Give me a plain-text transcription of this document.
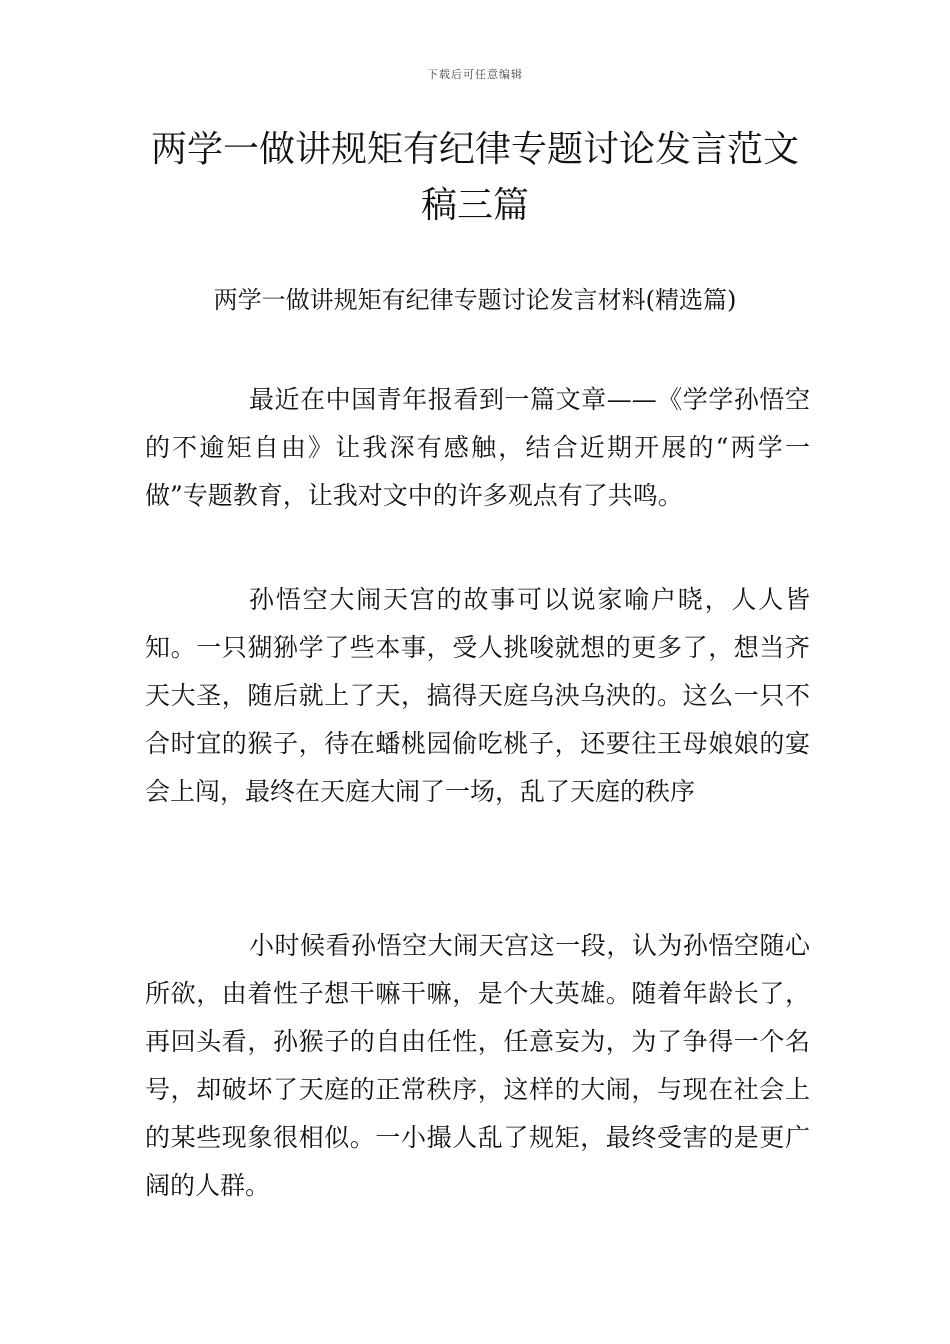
下载后可任意编辑
两学一做讲规矩有纪律专题讨论发言范文稿三篇
两学一做讲规矩有纪律专题讨论发言材料(精选篇)

最近在中国青年报看到一篇文章——《学学孙悟空的不逾矩自由》让我深有感触，结合近期开展的“两学一做”专题教育，让我对文中的许多观点有了共鸣。

孙悟空大闹天宫的故事可以说家喻户晓，人人皆知。一只猢狲学了些本事，受人挑唆就想的更多了，想当齐天大圣，随后就上了天，搞得天庭乌泱乌泱的。这么一只不合时宜的猴子，待在蟠桃园偷吃桃子，还要往王母娘娘的宴会上闯，最终在天庭大闹了一场，乱了天庭的秩序

小时候看孙悟空大闹天宫这一段，认为孙悟空随心所欲，由着性子想干嘛干嘛，是个大英雄。随着年龄长了，再回头看，孙猴子的自由任性，任意妄为，为了争得一个名号，却破坏了天庭的正常秩序，这样的大闹，与现在社会上的某些现象很相似。一小撮人乱了规矩，最终受害的是更广阔的人群。
